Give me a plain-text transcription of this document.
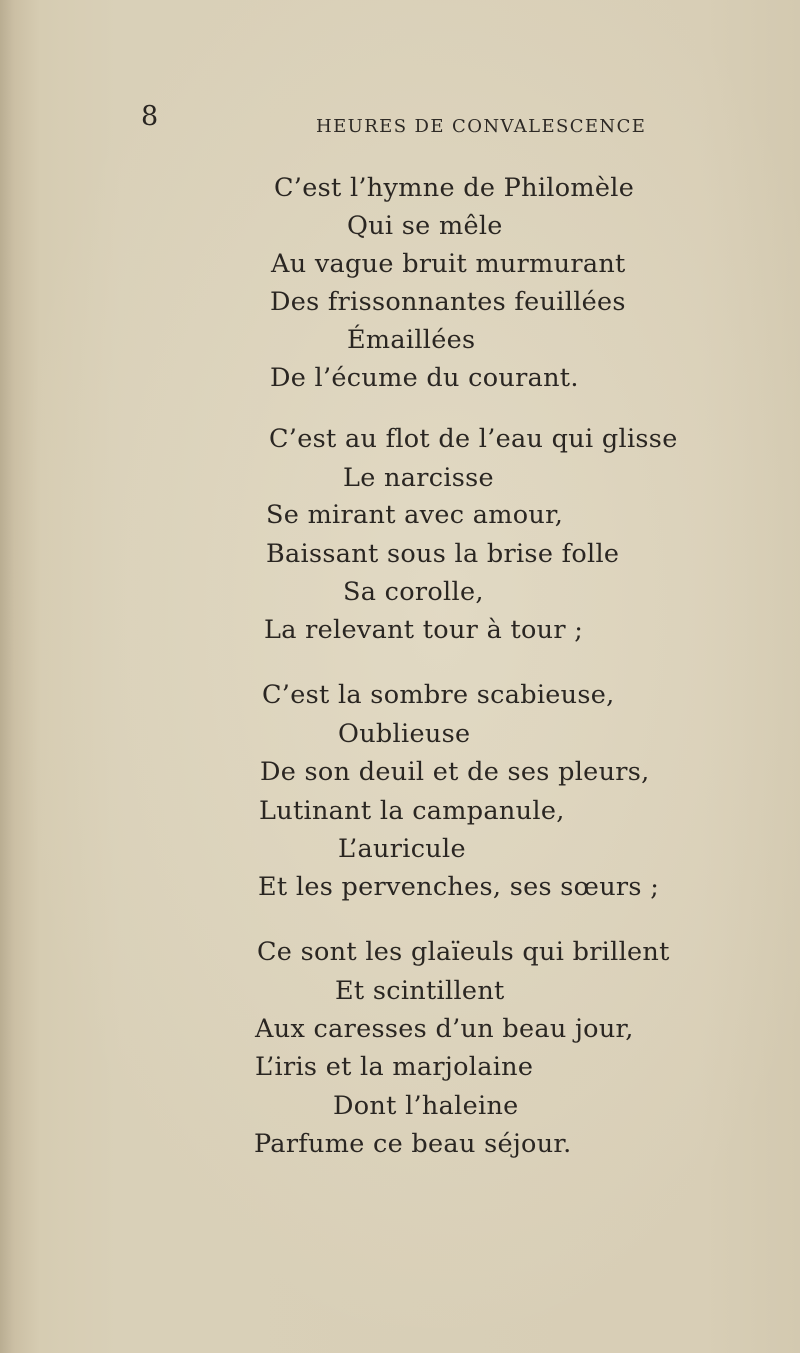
8	HEURES DE CONVALESCENCE
C’est l’hymne de Philomèle
Qui se mêle
Au vague bruit murmurant
Des frissonnantes feuillées
Émaillées
De l’écume du courant.
C’est au flot de l’eau qui glisse
Le narcisse
Se mirant avec amour,
Baissant sous la brise folle
Sa corolle,
La relevant tour à tour ;
C’est la sombre scabieuse,
Oublieuse
De son deuil et de ses pleurs,
Lutinant la campanule,
L’auricule
Et les pervenches, ses sœurs ;
Ce sont les glaïeuls qui brillent
Et scintillent
Aux caresses d’un beau jour,
L’iris et la marjolaine
Dont l’haleine
Parfume ce beau séjour.
